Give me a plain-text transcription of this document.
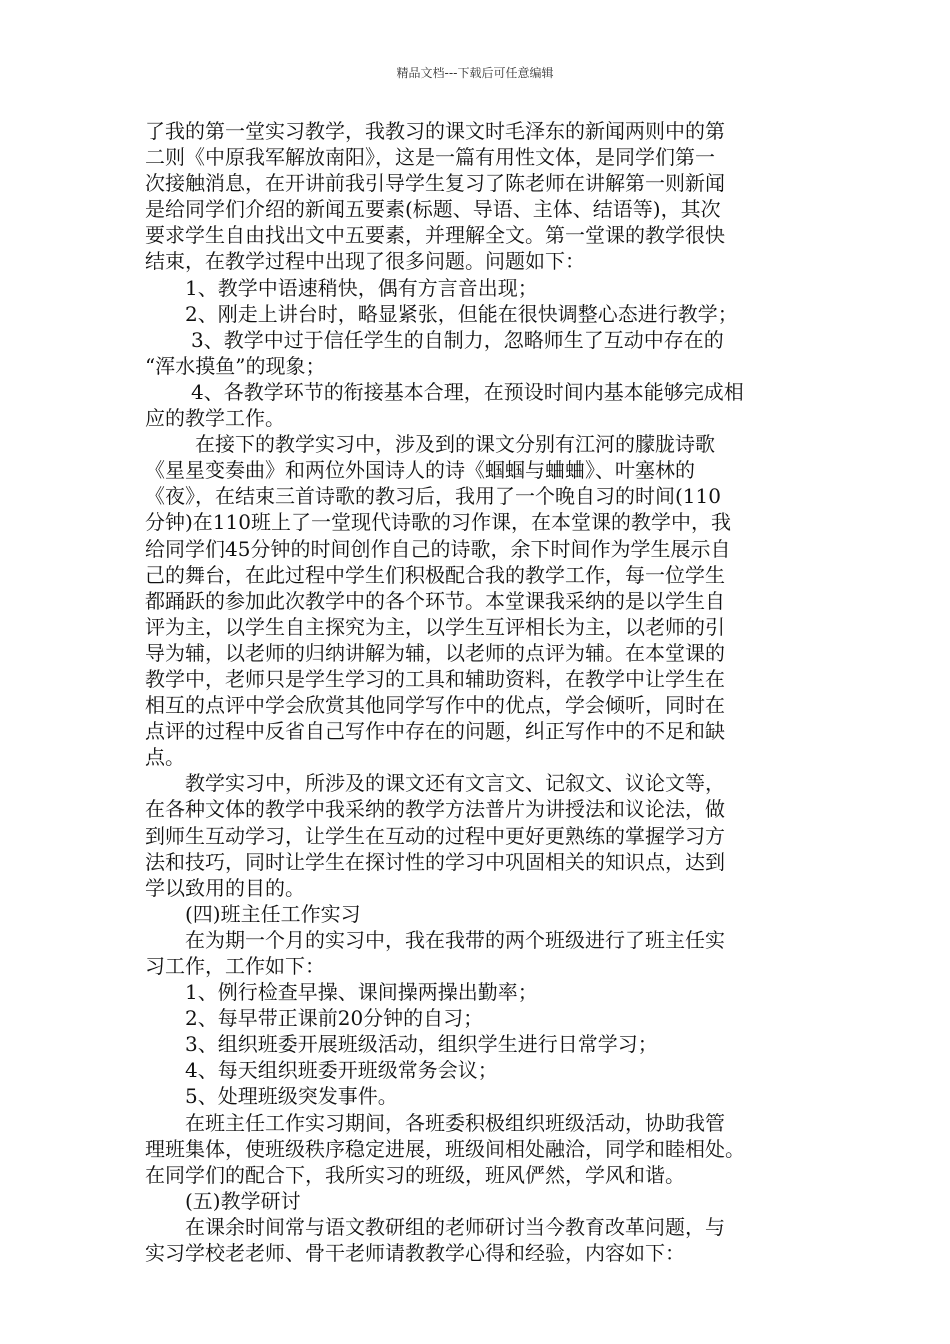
精品文档---下载后可任意编辑
了我的第一堂实习教学，我教习的课文时毛泽东的新闻两则中的第
二则《中原我军解放南阳》，这是一篇有用性文体，是同学们第一
次接触消息，在开讲前我引导学生复习了陈老师在讲解第一则新闻
是给同学们介绍的新闻五要素(标题、导语、主体、结语等)，其次
要求学生自由找出文中五要素，并理解全文。第一堂课的教学很快
结束，在教学过程中出现了很多问题。问题如下：
1、教学中语速稍快，偶有方言音出现；
2、刚走上讲台时，略显紧张，但能在很快调整心态进行教学；
3、教学中过于信任学生的自制力，忽略师生了互动中存在的
“浑水摸鱼”的现象；
4、各教学环节的衔接基本合理，在预设时间内基本能够完成相
应的教学工作。
在接下的教学实习中，涉及到的课文分别有江河的朦胧诗歌
《星星变奏曲》和两位外国诗人的诗《蝈蝈与蛐蛐》、叶塞林的
《夜》，在结束三首诗歌的教习后，我用了一个晚自习的时间(110
分钟)在110班上了一堂现代诗歌的习作课，在本堂课的教学中，我
给同学们45分钟的时间创作自己的诗歌，余下时间作为学生展示自
己的舞台，在此过程中学生们积极配合我的教学工作，每一位学生
都踊跃的参加此次教学中的各个环节。本堂课我采纳的是以学生自
评为主，以学生自主探究为主，以学生互评相长为主，以老师的引
导为辅，以老师的归纳讲解为辅，以老师的点评为辅。在本堂课的
教学中，老师只是学生学习的工具和辅助资料，在教学中让学生在
相互的点评中学会欣赏其他同学写作中的优点，学会倾听，同时在
点评的过程中反省自己写作中存在的问题，纠正写作中的不足和缺
点。
教学实习中，所涉及的课文还有文言文、记叙文、议论文等，
在各种文体的教学中我采纳的教学方法普片为讲授法和议论法，做
到师生互动学习，让学生在互动的过程中更好更熟练的掌握学习方
法和技巧，同时让学生在探讨性的学习中巩固相关的知识点，达到
学以致用的目的。
(四)班主任工作实习
在为期一个月的实习中，我在我带的两个班级进行了班主任实
习工作，工作如下：
1、例行检查早操、课间操两操出勤率；
2、每早带正课前20分钟的自习；
3、组织班委开展班级活动，组织学生进行日常学习；
4、每天组织班委开班级常务会议；
5、处理班级突发事件。
在班主任工作实习期间，各班委积极组织班级活动，协助我管
理班集体，使班级秩序稳定进展，班级间相处融洽，同学和睦相处。
在同学们的配合下，我所实习的班级，班风俨然，学风和谐。
(五)教学研讨
在课余时间常与语文教研组的老师研讨当今教育改革问题，与
实习学校老老师、骨干老师请教教学心得和经验，内容如下：
